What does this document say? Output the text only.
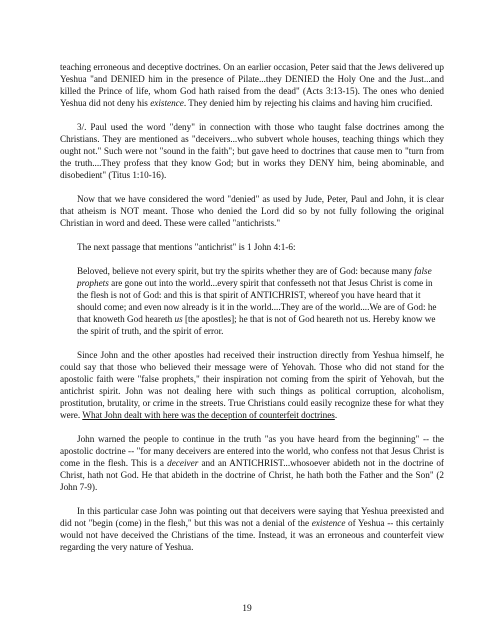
teaching erroneous and deceptive doctrines. On an earlier occasion, Peter said that the Jews delivered up Yeshua "and DENIED him in the presence of Pilate...they DENIED the Holy One and the Just...and killed the Prince of life, whom God hath raised from the dead" (Acts 3:13-15). The ones who denied Yeshua did not deny his existence. They denied him by rejecting his claims and having him crucified.

3/. Paul used the word "deny" in connection with those who taught false doctrines among the Christians. They are mentioned as "deceivers...who subvert whole houses, teaching things which they ought not." Such were not "sound in the faith"; but gave heed to doctrines that cause men to "turn from the truth....They profess that they know God; but in works they DENY him, being abominable, and disobedient" (Titus 1:10-16).

Now that we have considered the word "denied" as used by Jude, Peter, Paul and John, it is clear that atheism is NOT meant. Those who denied the Lord did so by not fully following the original Christian in word and deed. These were called "antichrists."

The next passage that mentions "antichrist" is 1 John 4:1-6:

Beloved, believe not every spirit, but try the spirits whether they are of God: because many false prophets are gone out into the world...every spirit that confesseth not that Jesus Christ is come in the flesh is not of God: and this is that spirit of ANTICHRIST, whereof you have heard that it should come; and even now already is it in the world....They are of the world....We are of God: he that knoweth God heareth us [the apostles]; he that is not of God heareth not us. Hereby know we the spirit of truth, and the spirit of error.

Since John and the other apostles had received their instruction directly from Yeshua himself, he could say that those who believed their message were of Yehovah. Those who did not stand for the apostolic faith were "false prophets," their inspiration not coming from the spirit of Yehovah, but the antichrist spirit. John was not dealing here with such things as political corruption, alcoholism, prostitution, brutality, or crime in the streets. True Christians could easily recognize these for what they were. What John dealt with here was the deception of counterfeit doctrines.

John warned the people to continue in the truth "as you have heard from the beginning" -- the apostolic doctrine -- "for many deceivers are entered into the world, who confess not that Jesus Christ is come in the flesh. This is a deceiver and an ANTICHRIST...whosoever abideth not in the doctrine of Christ, hath not God. He that abideth in the doctrine of Christ, he hath both the Father and the Son" (2 John 7-9).

In this particular case John was pointing out that deceivers were saying that Yeshua preexisted and did not "begin (come) in the flesh," but this was not a denial of the existence of Yeshua -- this certainly would not have deceived the Christians of the time. Instead, it was an erroneous and counterfeit view regarding the very nature of Yeshua.

19
